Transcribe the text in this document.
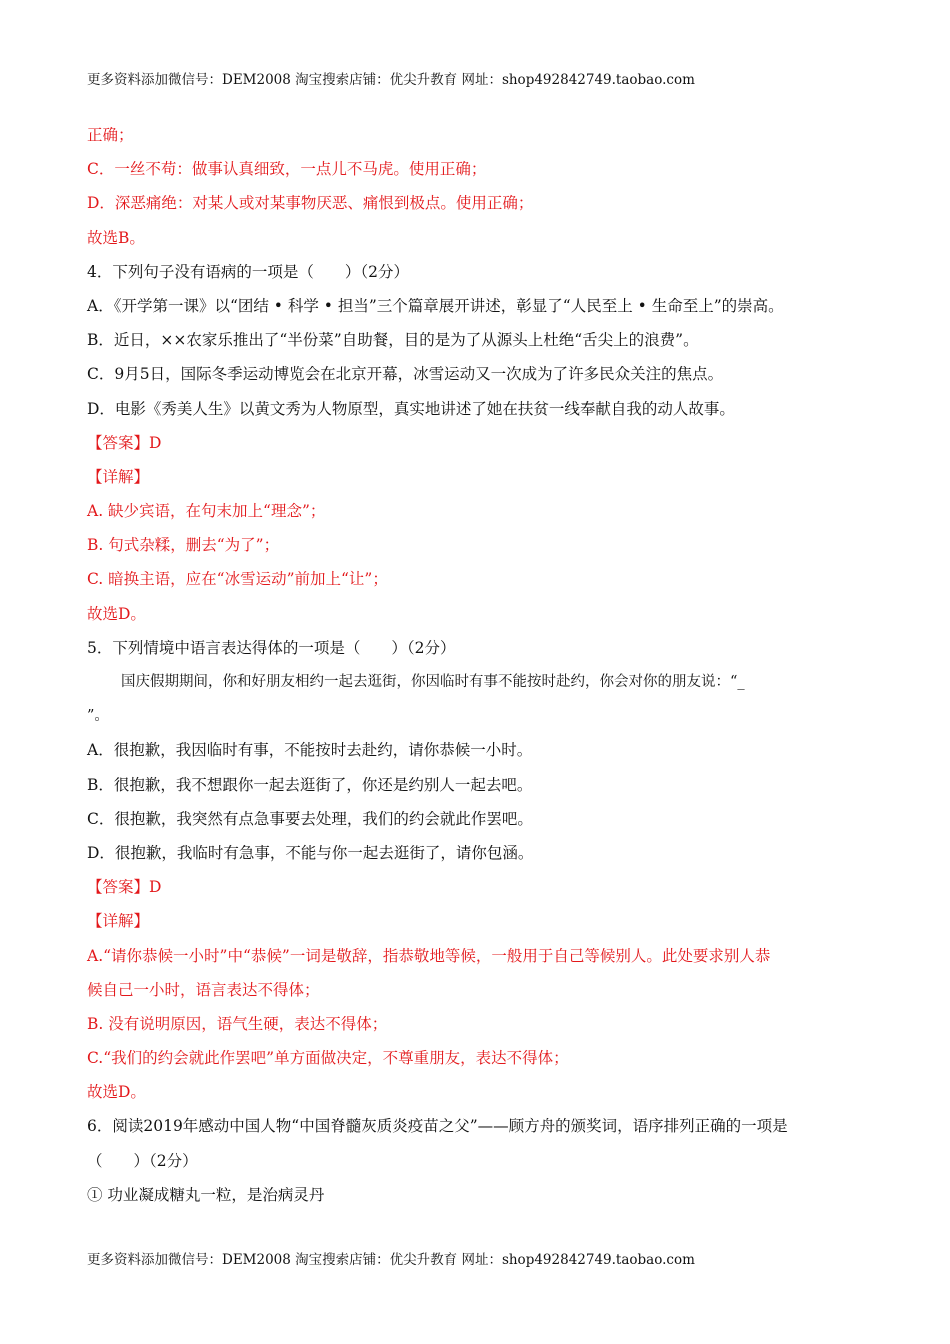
更多资料添加微信号：DEM2008 淘宝搜索店铺：优尖升教育 网址：shop492842749.taobao.com
正确；
C．一丝不苟：做事认真细致，一点儿不马虎。使用正确；
D．深恶痛绝：对某人或对某事物厌恶、痛恨到极点。使用正确；
故选B。
4．下列句子没有语病的一项是（　　）（2分）
A．《开学第一课》以“团结 • 科学 • 担当”三个篇章展开讲述，彰显了“人民至上 • 生命至上”的崇高。
B．近日，××农家乐推出了“半份菜”自助餐，目的是为了从源头上杜绝“舌尖上的浪费”。
C．9月5日，国际冬季运动博览会在北京开幕，冰雪运动又一次成为了许多民众关注的焦点。
D．电影《秀美人生》以黄文秀为人物原型，真实地讲述了她在扶贫一线奉献自我的动人故事。
【答案】D
【详解】
A. 缺少宾语，在句末加上“理念”；
B. 句式杂糅，删去“为了”；
C. 暗换主语，应在“冰雪运动”前加上“让”；
故选D。
5．下列情境中语言表达得体的一项是（　　）（2分）
国庆假期期间，你和好朋友相约一起去逛街，你因临时有事不能按时赴约，你会对你的朋友说：“_
”。
A．很抱歉，我因临时有事，不能按时去赴约，请你恭候一小时。
B．很抱歉，我不想跟你一起去逛街了，你还是约别人一起去吧。
C．很抱歉，我突然有点急事要去处理，我们的约会就此作罢吧。
D．很抱歉，我临时有急事，不能与你一起去逛街了，请你包涵。
【答案】D
【详解】
A.“请你恭候一小时”中“恭候”一词是敬辞，指恭敬地等候，一般用于自己等候别人。此处要求别人恭
候自己一小时，语言表达不得体；
B. 没有说明原因，语气生硬，表达不得体；
C.“我们的约会就此作罢吧”单方面做决定，不尊重朋友，表达不得体；
故选D。
6．阅读2019年感动中国人物“中国脊髓灰质炎疫苗之父”——顾方舟的颁奖词，语序排列正确的一项是
（　　）（2分）
① 功业凝成糖丸一粒，是治病灵丹
更多资料添加微信号：DEM2008 淘宝搜索店铺：优尖升教育 网址：shop492842749.taobao.com
